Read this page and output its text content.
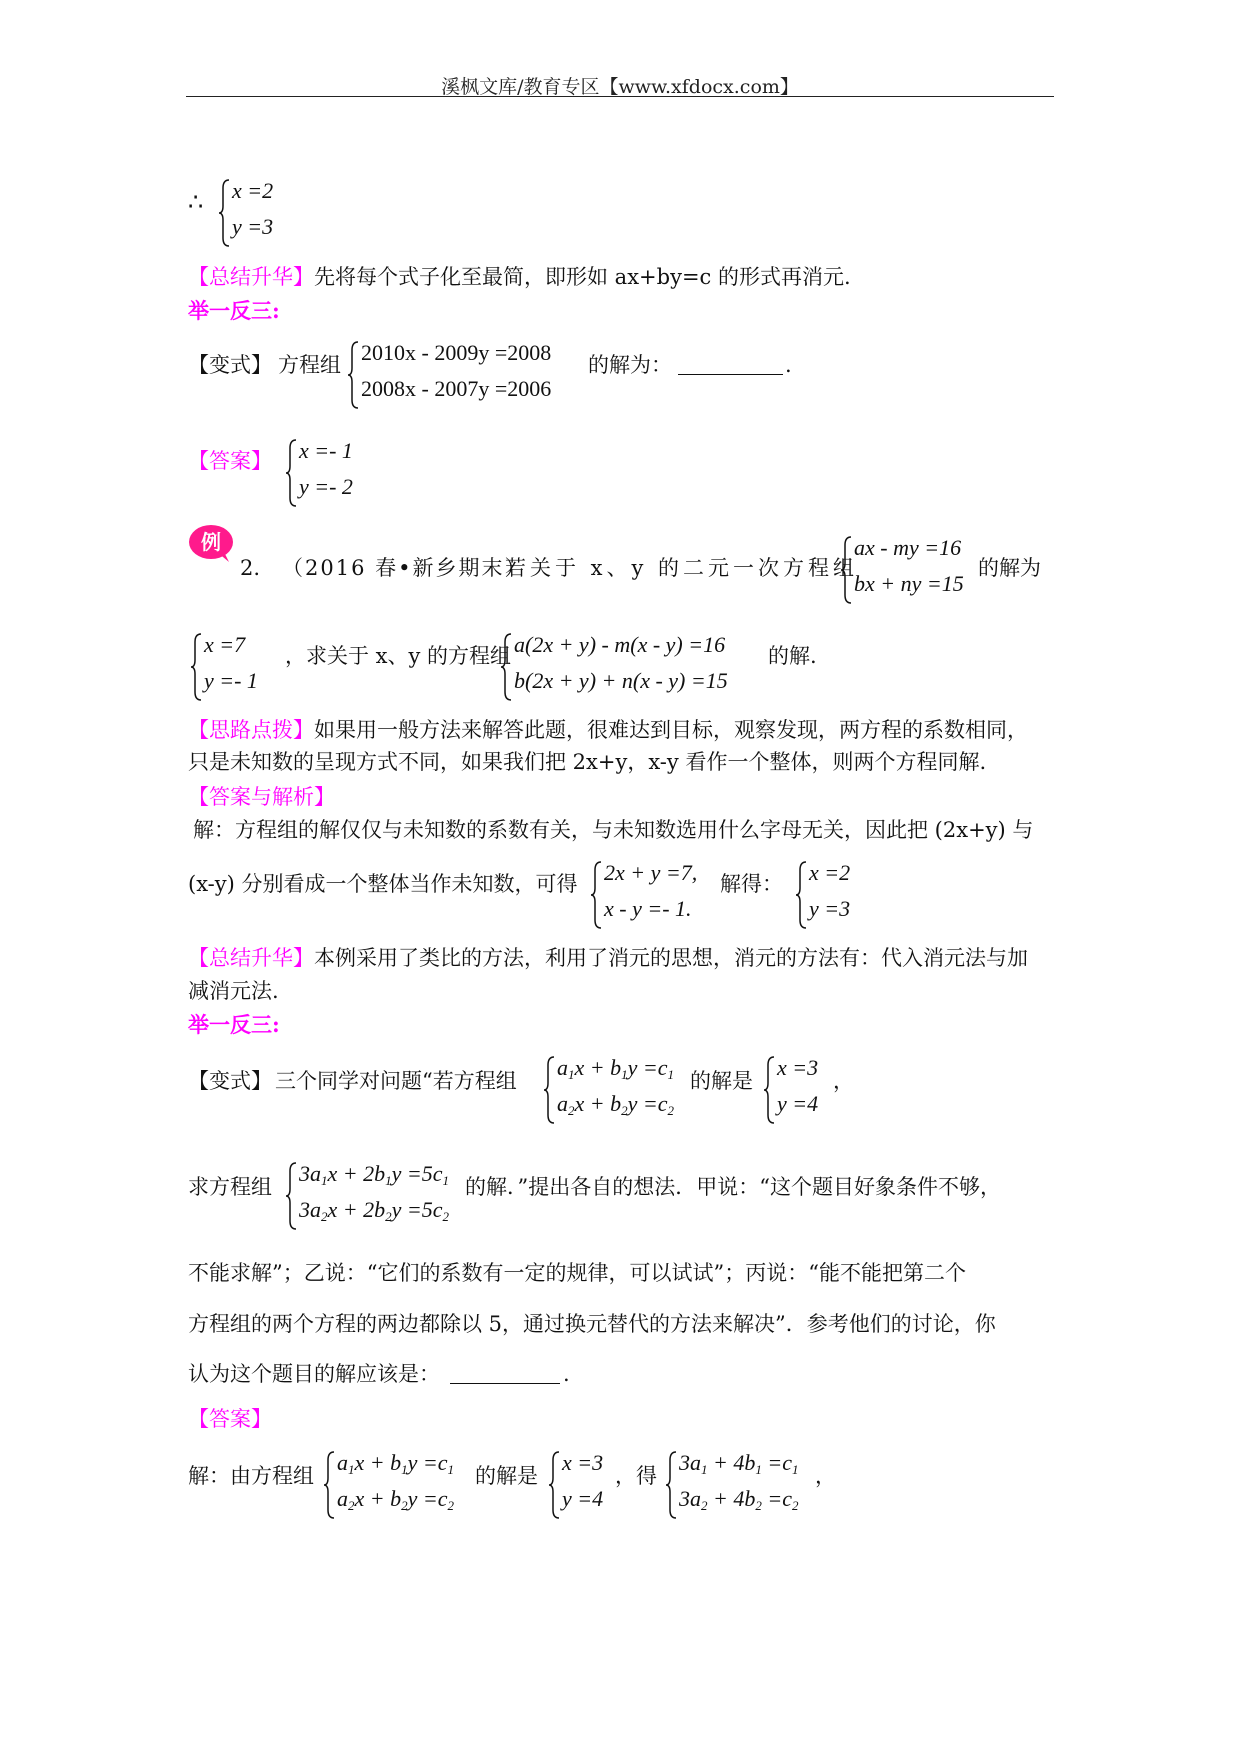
溪枫文库/教育专区【www.xfdocx.com】
∴ x =2
y =3
【总结升华】先将每个式子化至最简，即形如 ax+by=c 的形式再消元.
举一反三:
【变式】 方程组 2010x - 2009y =2008
2008x - 2007y =2006
的解为：	.
【答案】 x =- 1
y =- 2
例
2. （2016 春•新乡期末）
若关于 x、y 的二元一次方程组
ax - my =16
bx + ny =15
的解为
x =7
y =- 1
，求关于 x、y 的方程组 a(2x + y) - m(x - y) =16
b(2x + y) + n(x - y) =15
的解.
【思路点拨】如果用一般方法来解答此题，很难达到目标，观察发现，两方程的系数相同，
只是未知数的呈现方式不同，如果我们把 2x+y，x-y 看作一个整体，则两个方程同解.
【答案与解析】
解：方程组的解仅仅与未知数的系数有关，与未知数选用什么字母无关，因此把 (2x+y) 与
(x-y) 分别看成一个整体当作未知数，可得 2x + y =7,
x - y =- 1.
解得： x =2
y =3
【总结升华】本例采用了类比的方法，利用了消元的思想，消元的方法有：代入消元法与加
减消元法.
举一反三:
【变式】 三个同学对问题“若方程组
$a_1x + b_1y =c_1$
$a_2x + b_2y =c_2$
的解是
x =3
y =4
，
求方程组
$3a_1x + 2b_1y =5c_1$
$3a_2x + 2b_2y =5c_2$
的解．”提出各自的想法．甲说：“这个题目好象条件不够，
不能求解”；乙说：“它们的系数有一定的规律，可以试试”；丙说：“能不能把第二个
方程组的两个方程的两边都除以 5，通过换元替代的方法来解决”．参考他们的讨论，你
认为这个题目的解应该是：	.
【答案】
解：由方程组
$a_1x + b_1y =c_1$
$a_2x + b_2y =c_2$
的解是
x =3
y =4
，得
$3a_1 + 4b_1 =c_1$
$3a_2 + 4b_2 =c_2$
，
